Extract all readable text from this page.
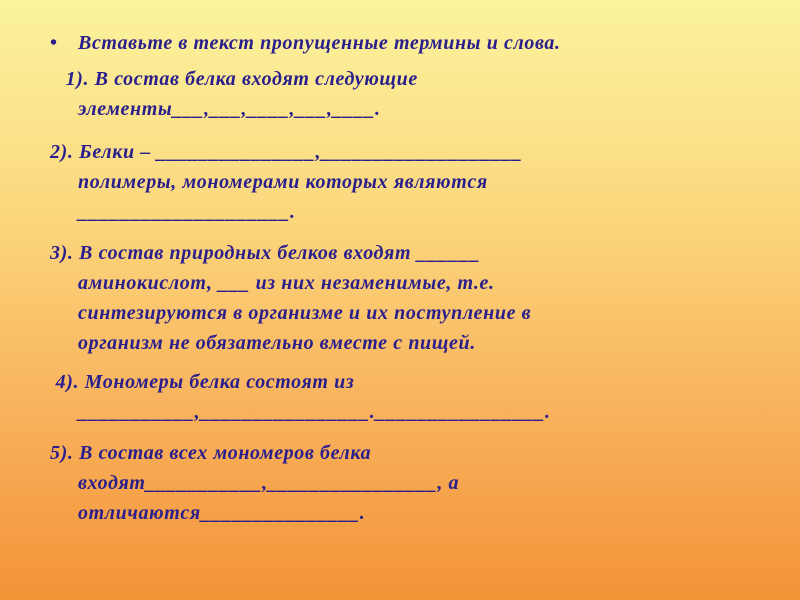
• Вставьте в текст пропущенные термины и слова.
1). В состав белка входят следующие
элементы___,___,____,___,____.
2). Белки – _______________,___________________
полимеры, мономерами которых являются
____________________.
3). В состав природных белков входят ______
аминокислот, ___ из них незаменимые, т.е.
синтезируются в организме и их поступление в
организм не обязательно вместе с пищей.
4). Мономеры белка состоят из
___________,________________.________________.
5). В состав всех мономеров белка
входят___________,________________, а
отличаются_______________.
